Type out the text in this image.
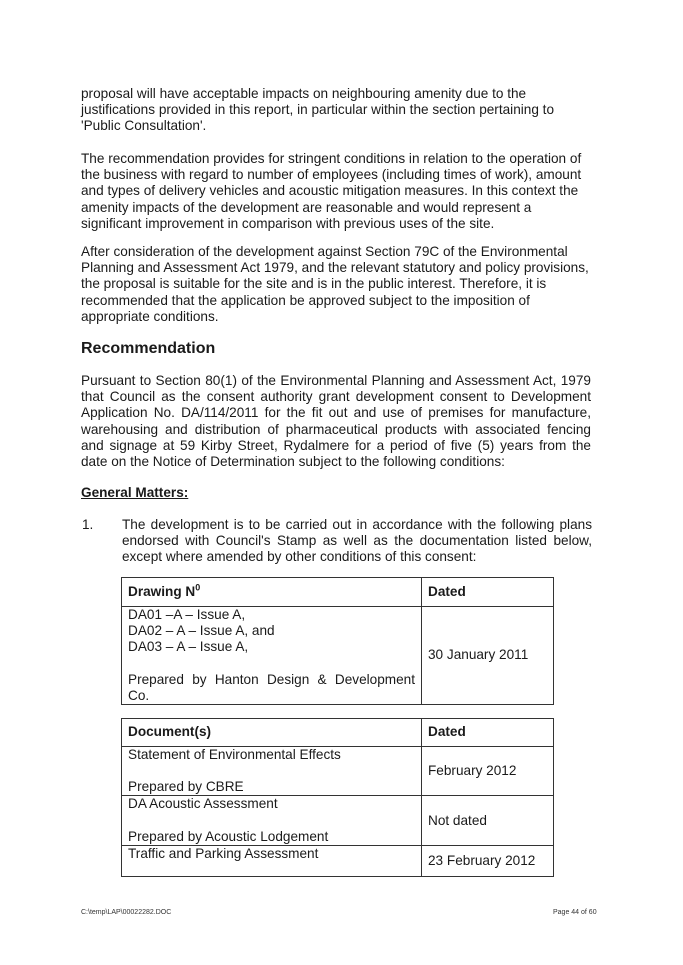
proposal will have acceptable impacts on neighbouring amenity due to the justifications provided in this report, in particular within the section pertaining to 'Public Consultation'.

The recommendation provides for stringent conditions in relation to the operation of the business with regard to number of employees (including times of work), amount and types of delivery vehicles and acoustic mitigation measures. In this context the amenity impacts of the development are reasonable and would represent a significant improvement in comparison with previous uses of the site.

After consideration of the development against Section 79C of the Environmental Planning and Assessment Act 1979, and the relevant statutory and policy provisions, the proposal is suitable for the site and is in the public interest. Therefore, it is recommended that the application be approved subject to the imposition of appropriate conditions.

Recommendation

Pursuant to Section 80(1) of the Environmental Planning and Assessment Act, 1979 that Council as the consent authority grant development consent to Development Application No. DA/114/2011 for the fit out and use of premises for manufacture, warehousing and distribution of pharmaceutical products with associated fencing and signage at 59 Kirby Street, Rydalmere for a period of five (5) years from the date on the Notice of Determination subject to the following conditions:

General Matters:
1. The development is to be carried out in accordance with the following plans endorsed with Council's Stamp as well as the documentation listed below, except where amended by other conditions of this consent:

Drawing $N^0$	Dated

DA01 –A – Issue A,
DA02 – A – Issue A, and
DA03 – A – Issue A,
Prepared by Hanton Design & Development Co.	30 January 2011
Document(s)	Dated

Statement of Environmental Effects
Prepared by CBRE	February 2012

DA Acoustic Assessment
Prepared by Acoustic Lodgement	Not dated

Traffic and Parking Assessment	23 February 2012
C:\temp\LAP\00022282.DOC	Page 44 of 60
